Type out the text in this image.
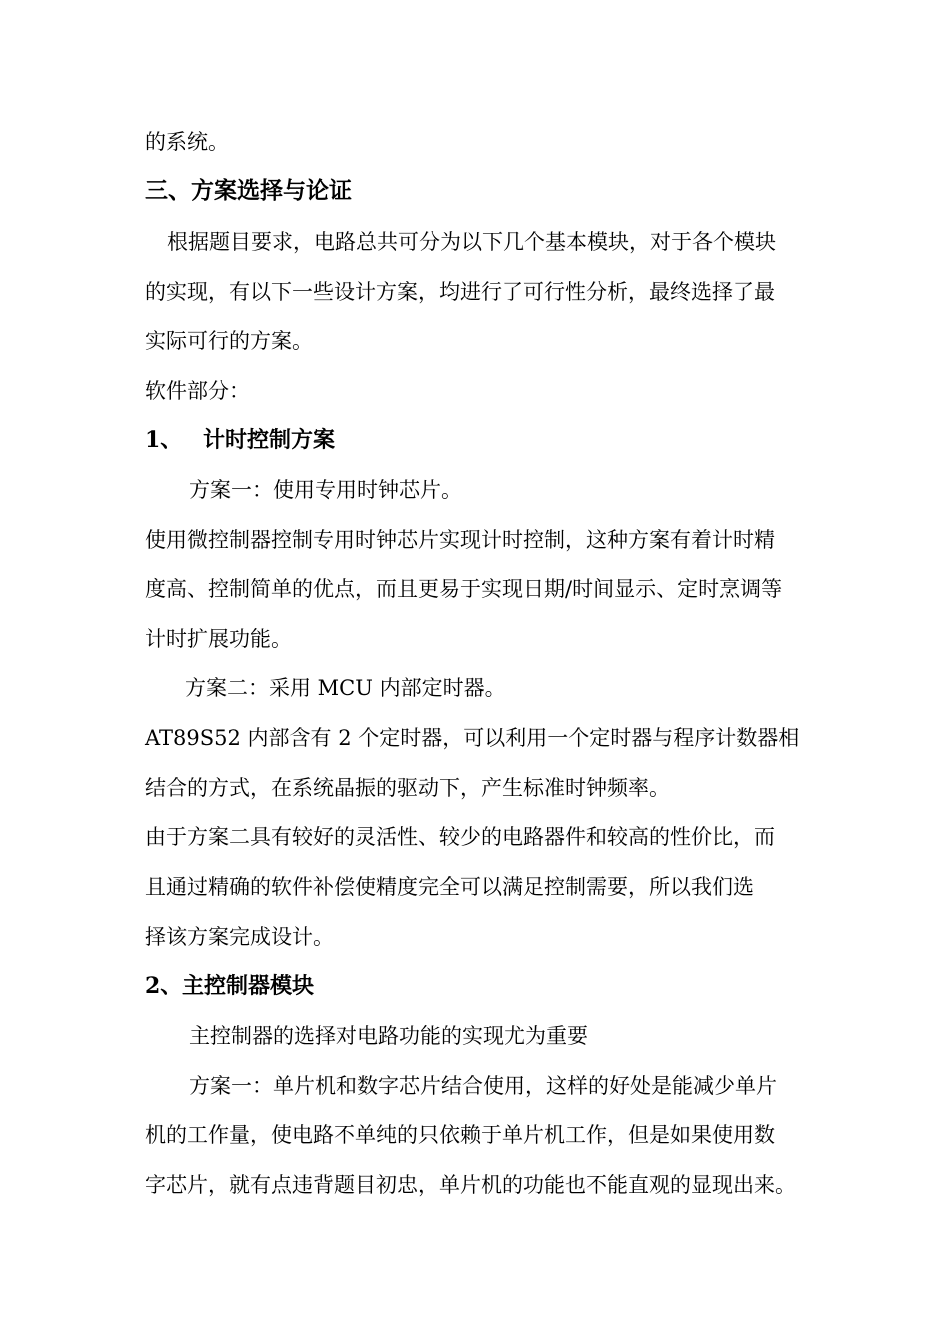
的系统。
三、方案选择与论证
根据题目要求，电路总共可分为以下几个基本模块，对于各个模块
的实现，有以下一些设计方案，均进行了可行性分析，最终选择了最
实际可行的方案。
软件部分：
1、 计时控制方案
方案一：使用专用时钟芯片。
使用微控制器控制专用时钟芯片实现计时控制，这种方案有着计时精
度高、控制简单的优点，而且更易于实现日期/时间显示、定时烹调等
计时扩展功能。
方案二：采用 MCU 内部定时器。
AT89S52 内部含有 2 个定时器，可以利用一个定时器与程序计数器相
结合的方式，在系统晶振的驱动下，产生标准时钟频率。
由于方案二具有较好的灵活性、较少的电路器件和较高的性价比，而
且通过精确的软件补偿使精度完全可以满足控制需要，所以我们选
择该方案完成设计。
2、 主控制器模块
主控制器的选择对电路功能的实现尤为重要
方案一：单片机和数字芯片结合使用，这样的好处是能减少单片
机的工作量，使电路不单纯的只依赖于单片机工作，但是如果使用数
字芯片，就有点违背题目初忠，单片机的功能也不能直观的显现出来。
